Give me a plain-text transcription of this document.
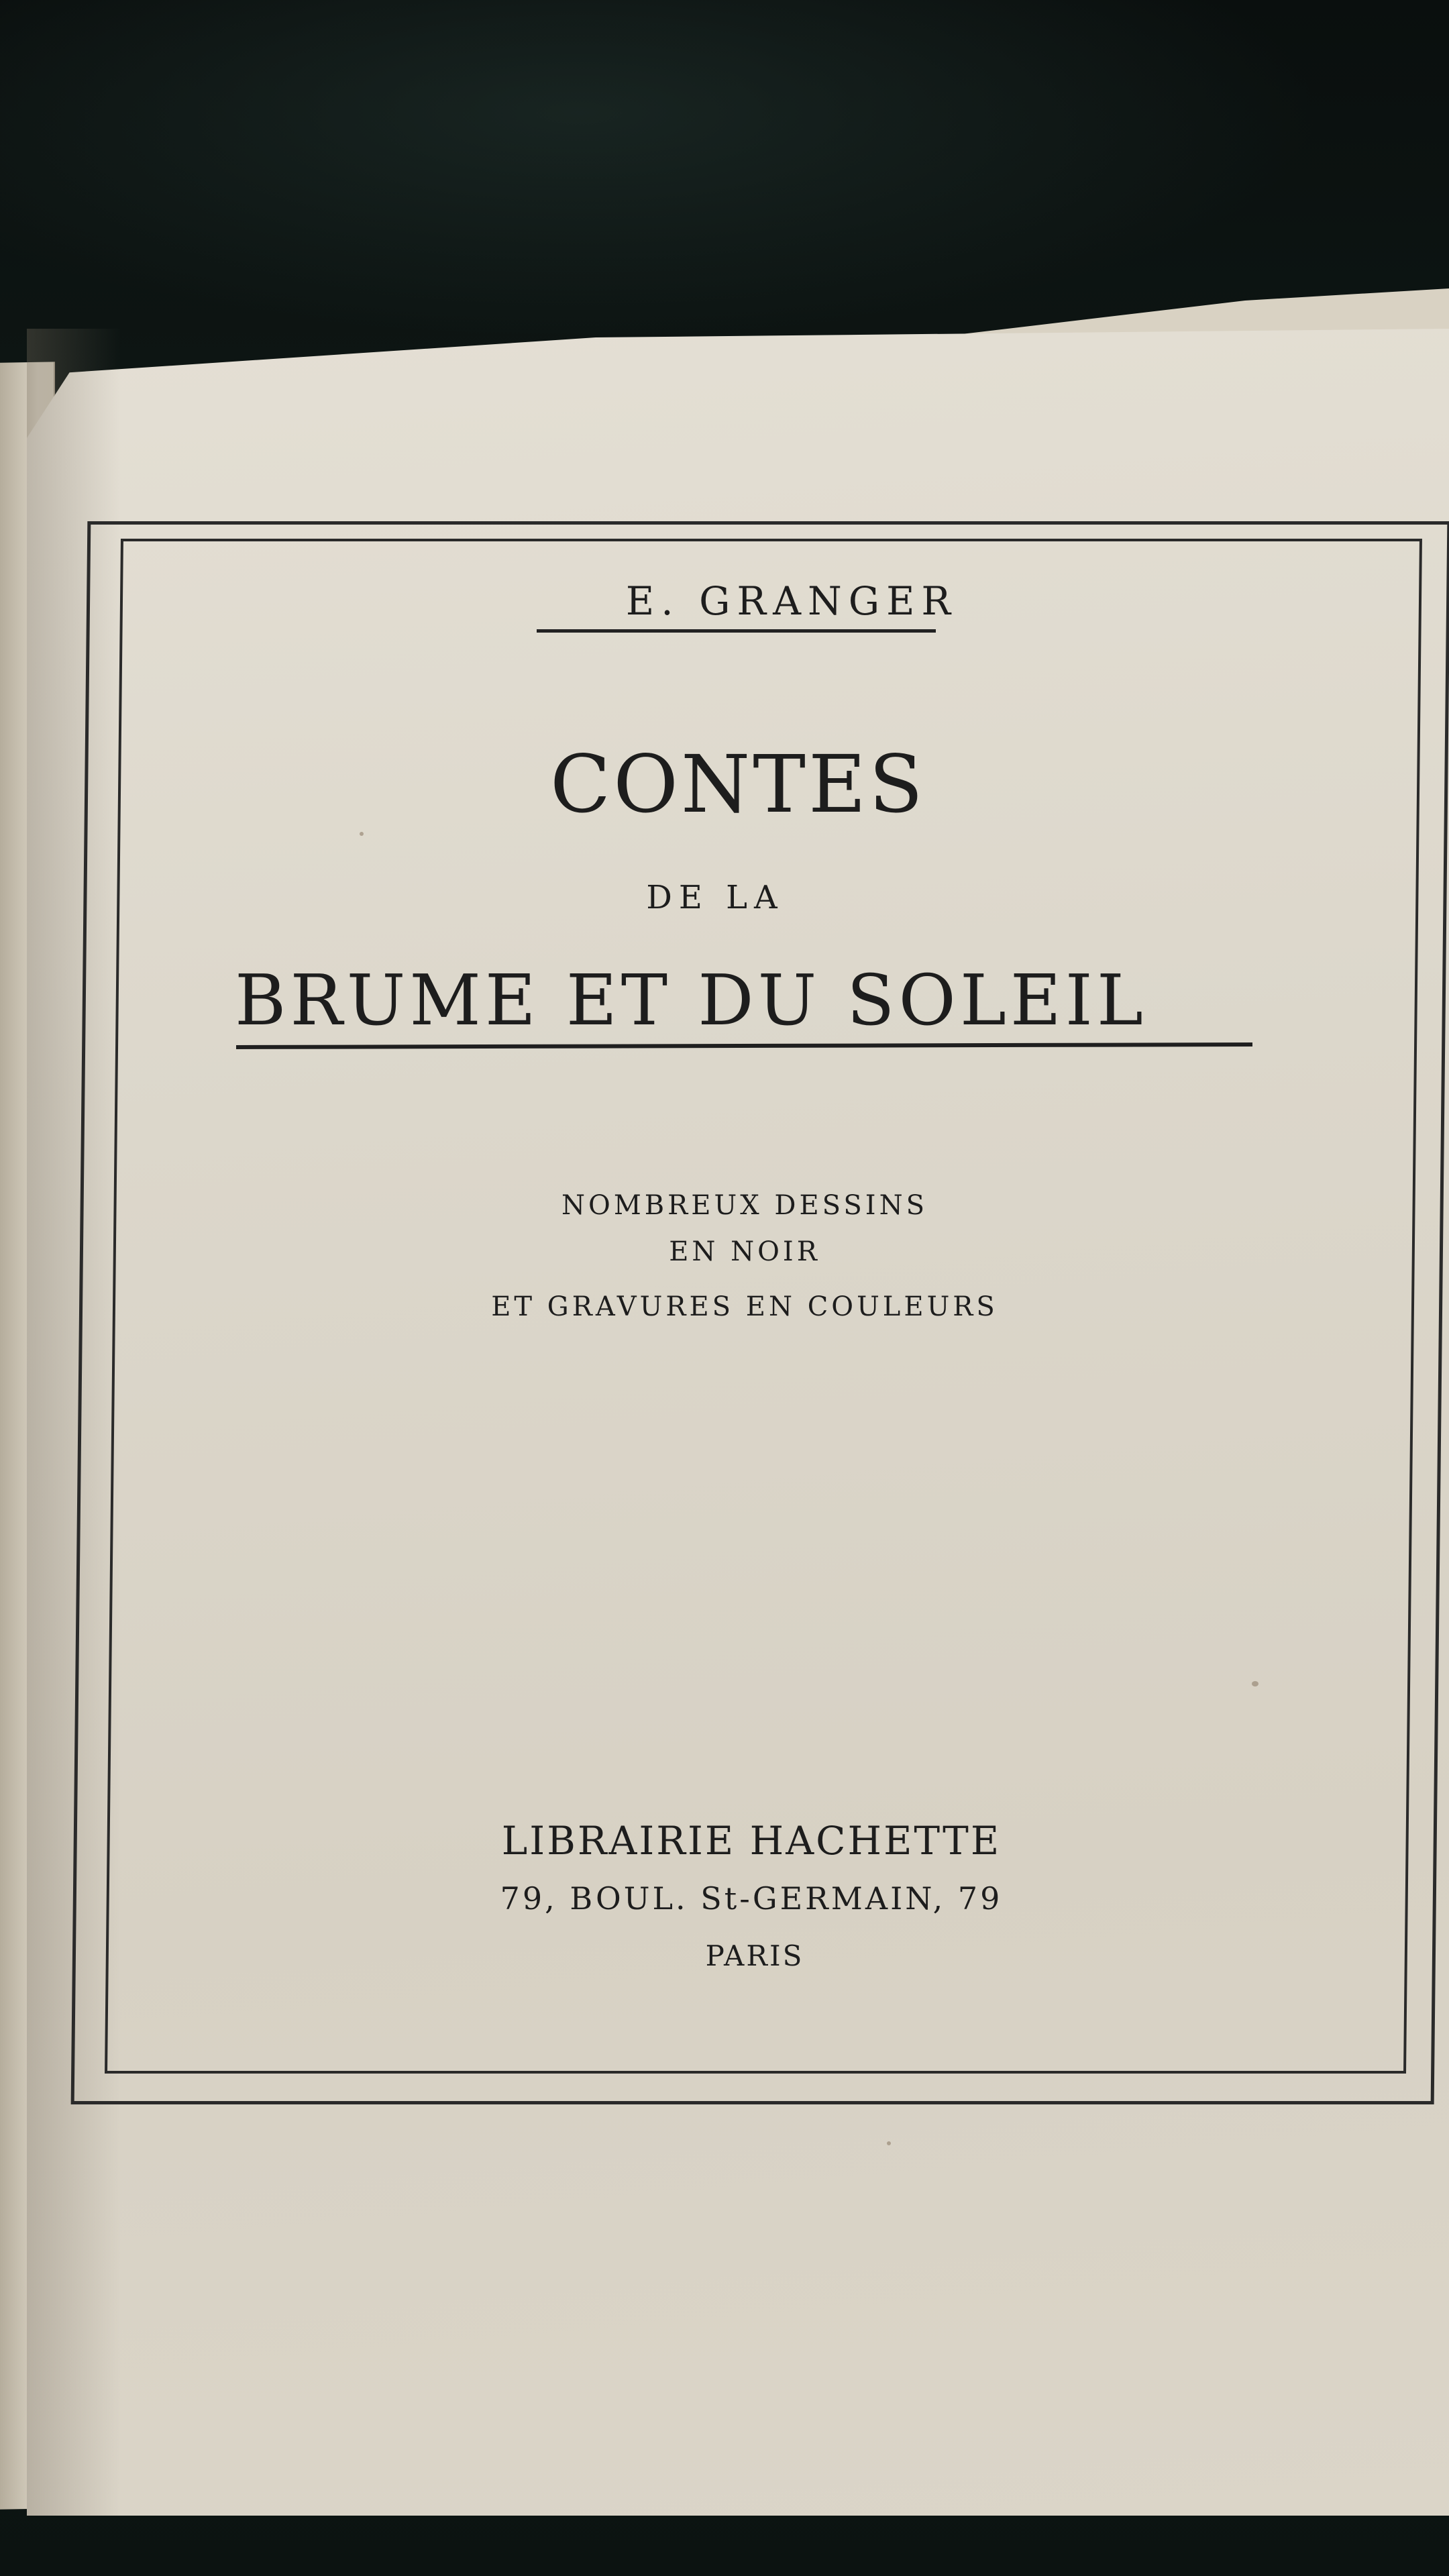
E. GRANGER
CONTES
DE LA
BRUME ET DU SOLEIL
NOMBREUX DESSINS
EN NOIR
ET GRAVURES EN COULEURS
LIBRAIRIE HACHETTE
79, BOUL. St-GERMAIN, 79
PARIS
